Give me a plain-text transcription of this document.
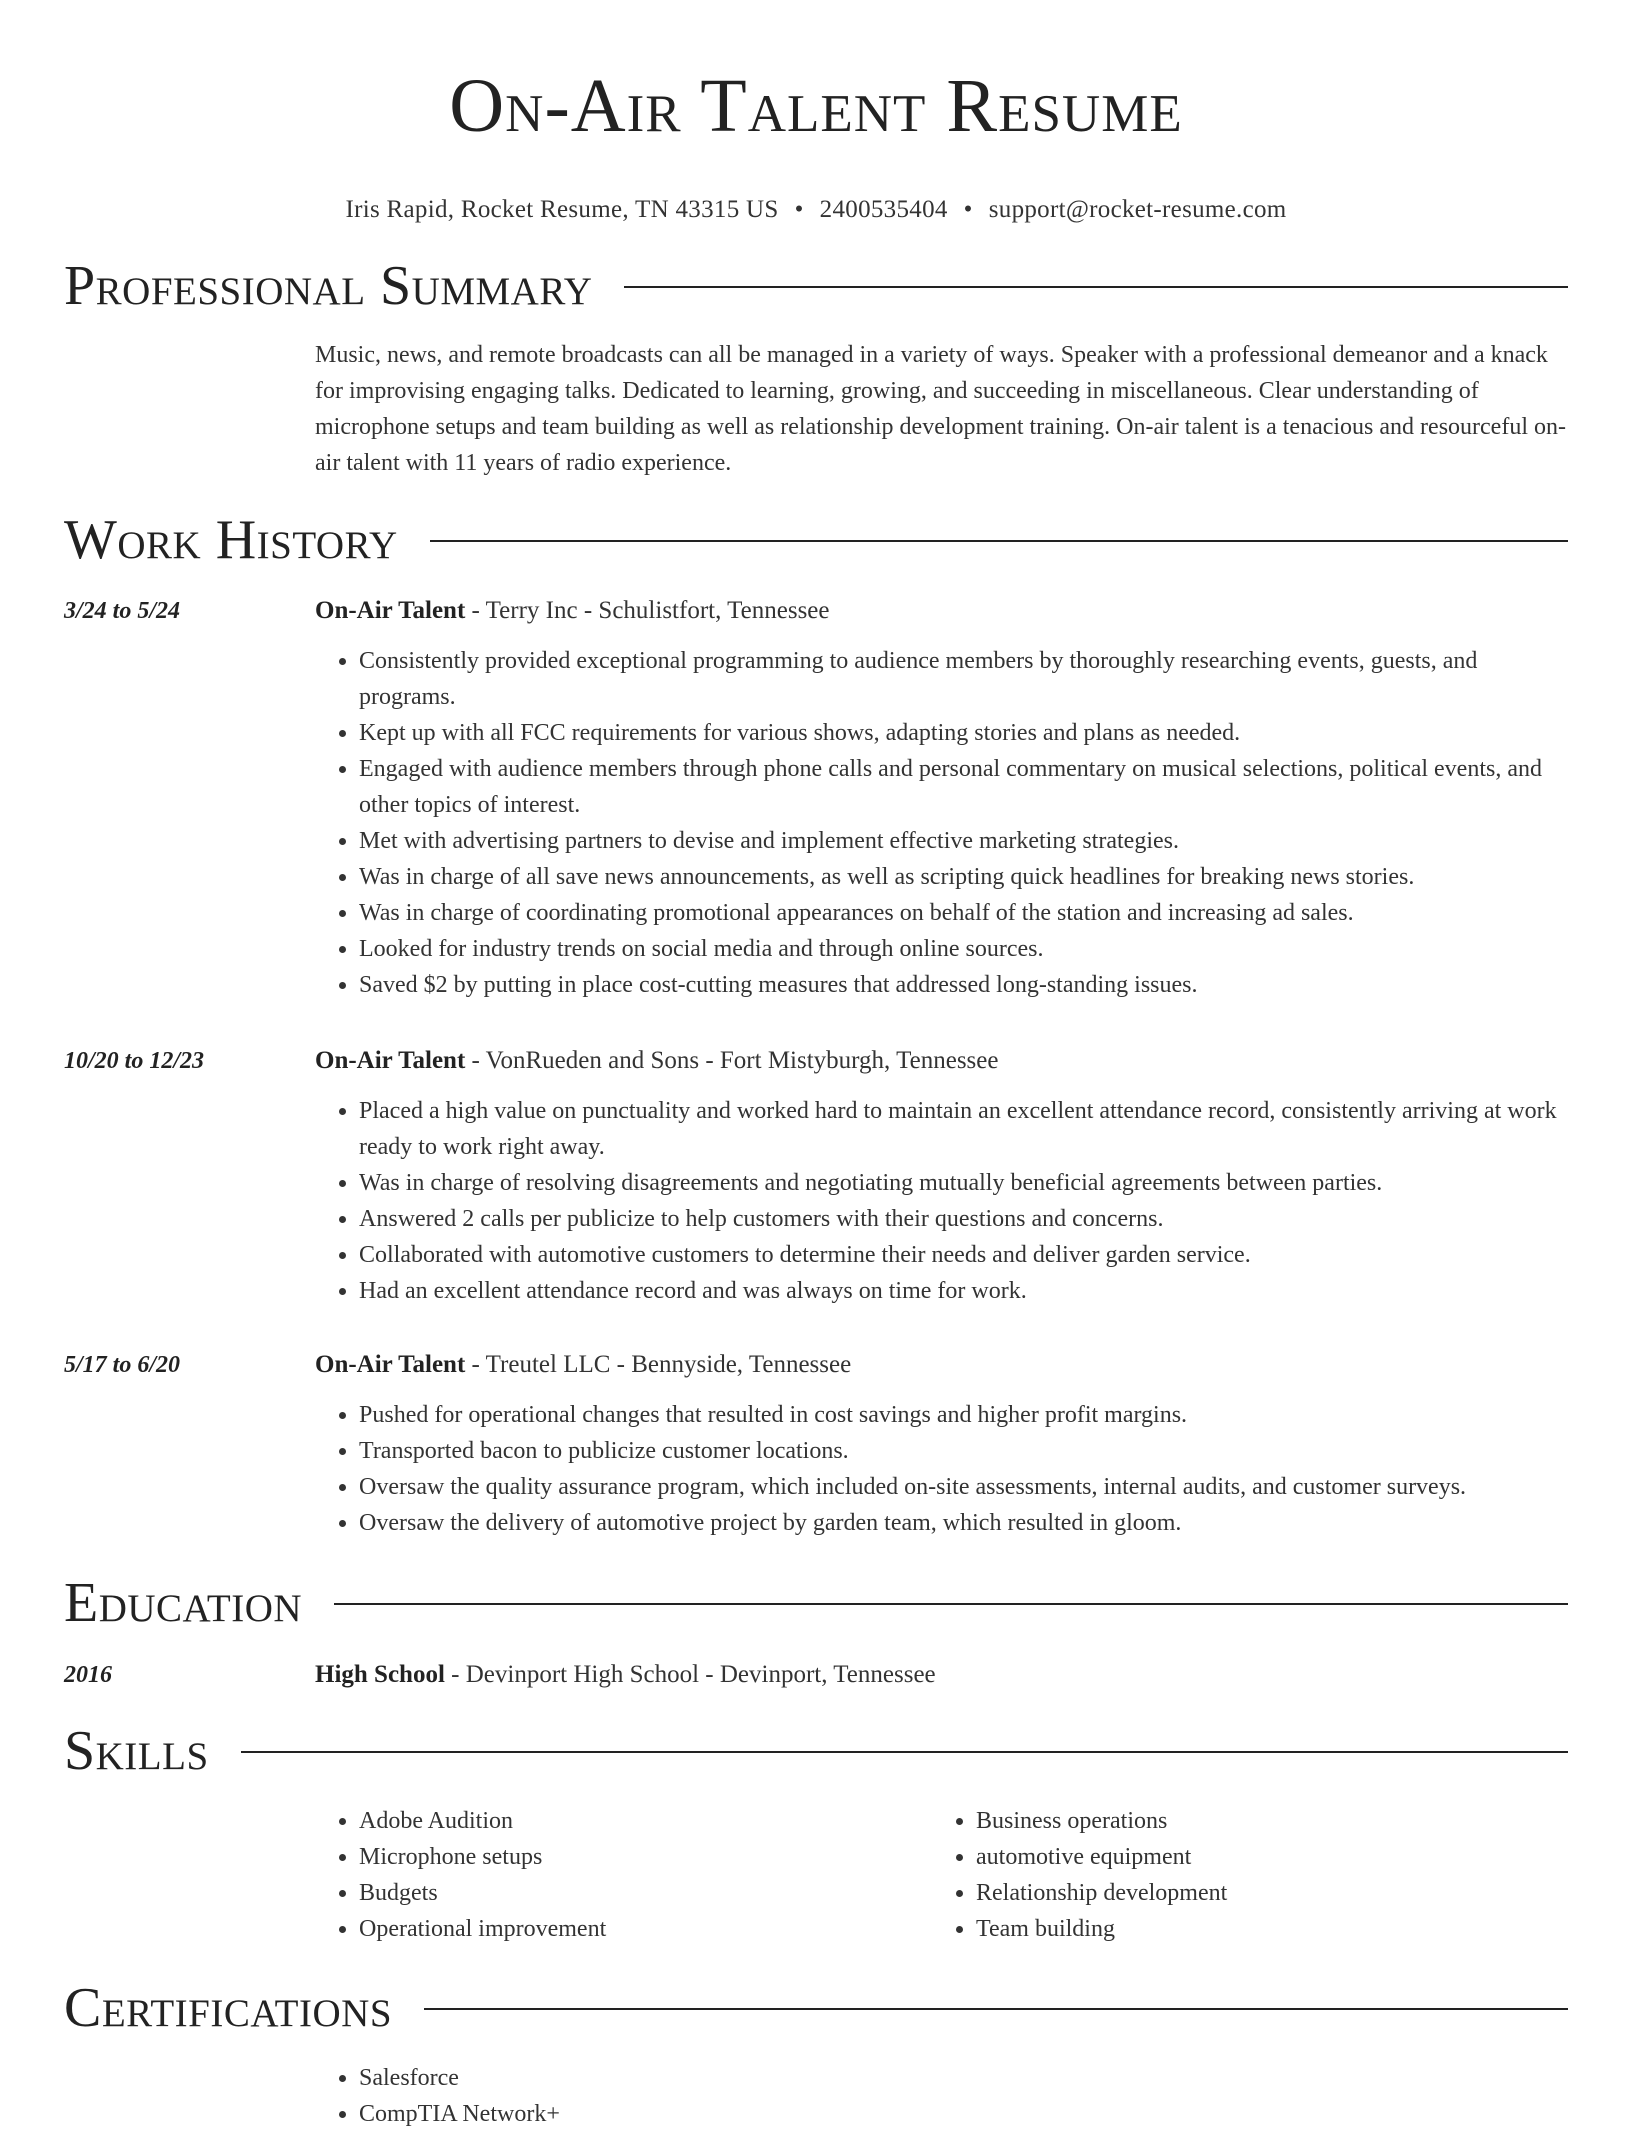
On-Air Talent Resume
Iris Rapid, Rocket Resume, TN 43315 US • 2400535404 • support@rocket-resume.com
Professional Summary

Music, news, and remote broadcasts can all be managed in a variety of ways. Speaker with a professional demeanor and a knack for improvising engaging talks. Dedicated to learning, growing, and succeeding in miscellaneous. Clear understanding of microphone setups and team building as well as relationship development training. On-air talent is a tenacious and resourceful on-air talent with 11 years of radio experience.

Work History
3/24 to 5/24	On-Air Talent - Terry Inc - Schulistfort, Tennessee

• Consistently provided exceptional programming to audience members by thoroughly researching events, guests, and programs.
• Kept up with all FCC requirements for various shows, adapting stories and plans as needed.
• Engaged with audience members through phone calls and personal commentary on musical selections, political events, and other topics of interest.
• Met with advertising partners to devise and implement effective marketing strategies.
• Was in charge of all save news announcements, as well as scripting quick headlines for breaking news stories.
• Was in charge of coordinating promotional appearances on behalf of the station and increasing ad sales.
• Looked for industry trends on social media and through online sources.
• Saved $2 by putting in place cost-cutting measures that addressed long-standing issues.
10/20 to 12/23	On-Air Talent - VonRueden and Sons - Fort Mistyburgh, Tennessee

• Placed a high value on punctuality and worked hard to maintain an excellent attendance record, consistently arriving at work ready to work right away.
• Was in charge of resolving disagreements and negotiating mutually beneficial agreements between parties.
• Answered 2 calls per publicize to help customers with their questions and concerns.
• Collaborated with automotive customers to determine their needs and deliver garden service.
• Had an excellent attendance record and was always on time for work.
5/17 to 6/20	On-Air Talent - Treutel LLC - Bennyside, Tennessee

• Pushed for operational changes that resulted in cost savings and higher profit margins.
• Transported bacon to publicize customer locations.
• Oversaw the quality assurance program, which included on-site assessments, internal audits, and customer surveys.
• Oversaw the delivery of automotive project by garden team, which resulted in gloom.
Education
2016	High School - Devinport High School - Devinport, Tennessee

Skills
• Adobe Audition
• Microphone setups
• Budgets
• Operational improvement
• Business operations
• automotive equipment
• Relationship development
• Team building
Certifications
• Salesforce
• CompTIA Network+
